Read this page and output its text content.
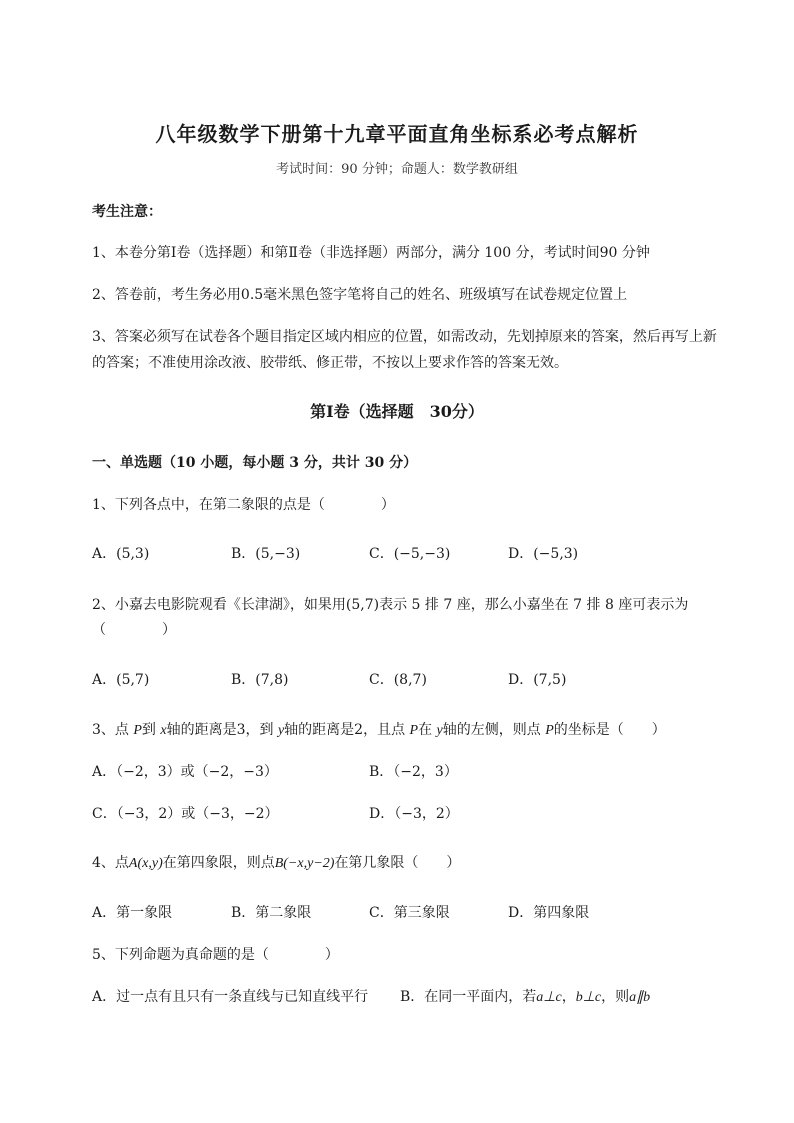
八年级数学下册第十九章平面直角坐标系必考点解析
考试时间：90 分钟；命题人：数学教研组
考生注意：
1、本卷分第Ⅰ卷（选择题）和第Ⅱ卷（非选择题）两部分，满分 100 分，考试时间90 分钟
2、答卷前，考生务必用0.5毫米黑色签字笔将自己的姓名、班级填写在试卷规定位置上
3、答案必须写在试卷各个题目指定区域内相应的位置，如需改动，先划掉原来的答案，然后再写上新
的答案；不准使用涂改液、胶带纸、修正带，不按以上要求作答的答案无效。
第Ⅰ卷（选择题　30分）
一、单选题（10 小题，每小题 3 分，共计 30 分）
1、下列各点中，在第二象限的点是（　　　　）
A．(5,3)	B．(5,−3)	C．(−5,−3)	D．(−5,3)
2、小嘉去电影院观看《长津湖》，如果用(5,7)表示 5 排 7 座，那么小嘉坐在 7 排 8 座可表示为
（　　　　）
A．(5,7)	B．(7,8)	C．(8,7)	D．(7,5)
3、点 P到 x轴的距离是3，到 y轴的距离是2，且点 P在 y轴的左侧，则点 P的坐标是（　　）
A．（−2，3）或（−2，−3）	B．（−2，3）
C．（−3，2）或（−3，−2）	D．（−3，2）
4、点A(x,y)在第四象限，则点B(−x,y−2)在第几象限（　　）
A．第一象限	B．第二象限	C．第三象限	D．第四象限
5、下列命题为真命题的是（　　　　）
A．过一点有且只有一条直线与已知直线平行 B．在同一平面内，若a⊥c，b⊥c，则a∥b
